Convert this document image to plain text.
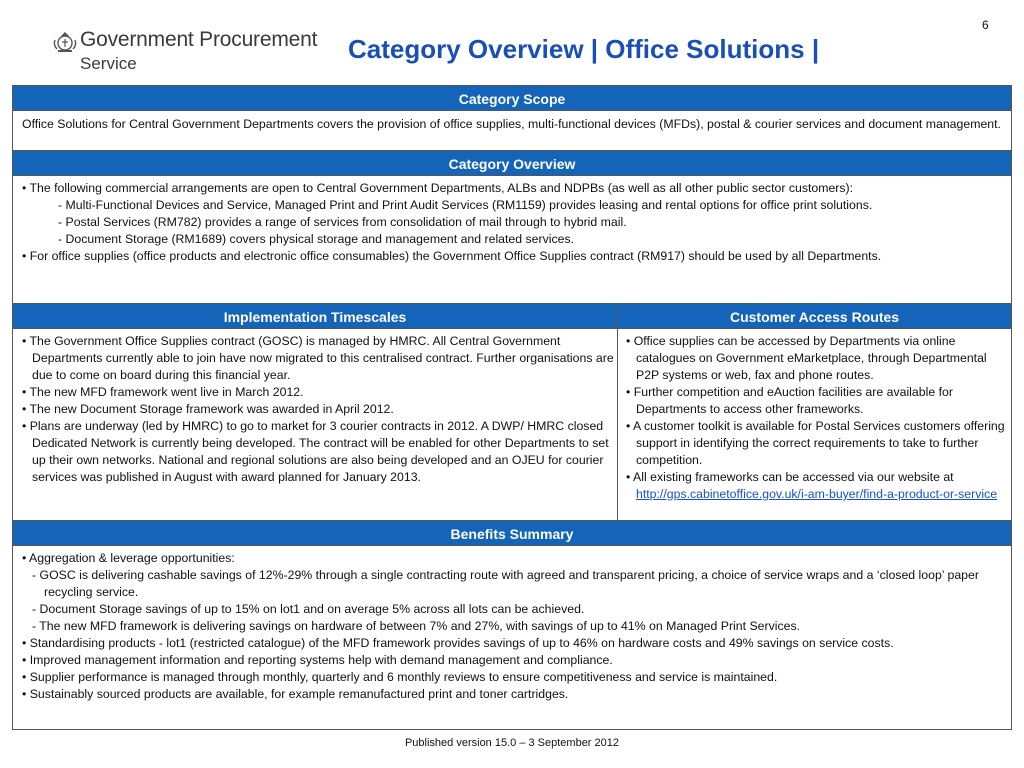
6
Government Procurement
Service	Category Overview | Office Solutions |
Category Scope
Office Solutions for Central Government Departments covers the provision of office supplies, multi-functional devices (MFDs), postal & courier services and document management.
Category Overview
• The following commercial arrangements are open to Central Government Departments, ALBs and NDPBs (as well as all other public sector customers):
- Multi-Functional Devices and Service, Managed Print and Print Audit Services (RM1159) provides leasing and rental options for office print solutions.
- Postal Services (RM782) provides a range of services from consolidation of mail through to hybrid mail.
- Document Storage (RM1689) covers physical storage and management and related services.
• For office supplies (office products and electronic office consumables) the Government Office Supplies contract (RM917) should be used by all Departments.
Implementation Timescales	Customer Access Routes
• The Government Office Supplies contract (GOSC) is managed by HMRC. All Central Government Departments currently able to join have now migrated to this centralised contract. Further organisations are due to come on board during this financial year.
• The new MFD framework went live in March 2012.
• The new Document Storage framework was awarded in April 2012.
• Plans are underway (led by HMRC) to go to market for 3 courier contracts in 2012. A DWP/ HMRC closed Dedicated Network is currently being developed. The contract will be enabled for other Departments to set up their own networks. National and regional solutions are also being developed and an OJEU for courier services was published in August with award planned for January 2013.
• Office supplies can be accessed by Departments via online catalogues on Government eMarketplace, through Departmental P2P systems or web, fax and phone routes.
• Further competition and eAuction facilities are available for Departments to access other frameworks.
• A customer toolkit is available for Postal Services customers offering support in identifying the correct requirements to take to further competition.
• All existing frameworks can be accessed via our website at http://gps.cabinetoffice.gov.uk/i-am-buyer/find-a-product-or-service
Benefits Summary
• Aggregation & leverage opportunities:
- GOSC is delivering cashable savings of 12%-29% through a single contracting route with agreed and transparent pricing, a choice of service wraps and a ‘closed loop’ paper recycling service.
- Document Storage savings of up to 15% on lot1 and on average 5% across all lots can be achieved.
- The new MFD framework is delivering savings on hardware of between 7% and 27%, with savings of up to 41% on Managed Print Services.
• Standardising products - lot1 (restricted catalogue) of the MFD framework provides savings of up to 46% on hardware costs and 49% savings on service costs.
• Improved management information and reporting systems help with demand management and compliance.
• Supplier performance is managed through monthly, quarterly and 6 monthly reviews to ensure competitiveness and service is maintained.
• Sustainably sourced products are available, for example remanufactured print and toner cartridges.
Published version 15.0 – 3 September 2012
